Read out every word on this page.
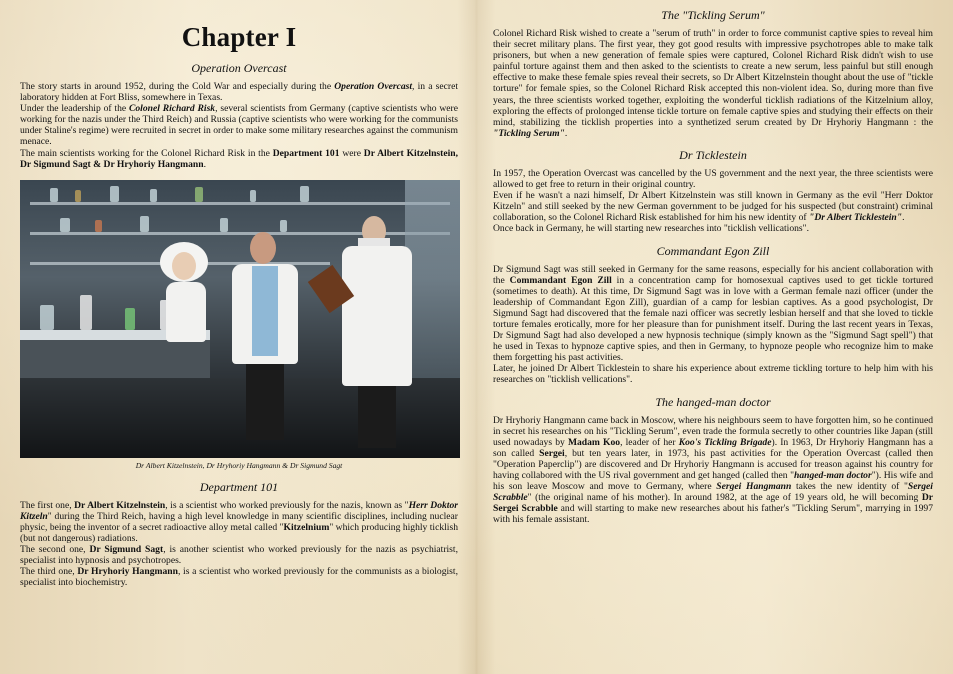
Chapter I
Operation Overcast

The story starts in around 1952, during the Cold War and especially during the Operation Overcast, in a secret laboratory hidden at Fort Bliss, somewhere in Texas.

Under the leadership of the Colonel Richard Risk, several scientists from Germany (captive scientists who were working for the nazis under the Third Reich) and Russia (captive scientists who were working for the communists under Staline's regime) were recruited in secret in order to make some military researches against the communism menace.

The main scientists working for the Colonel Richard Risk in the Department 101 were Dr Albert Kitzelnstein, Dr Sigmund Sagt & Dr Hryhoriy Hangmann.

Dr Albert Kitzelnstein, Dr Hryhoriy Hangmann & Dr Sigmund Sagt
Department 101

The first one, Dr Albert Kitzelnstein, is a scientist who worked previously for the nazis, known as "Herr Doktor Kitzeln" during the Third Reich, having a high level knowledge in many scientific disciplines, including nuclear physic, being the inventor of a secret radioactive alloy metal called "Kitzelnium" which producing highly ticklish (but not dangerous) radiations.

The second one, Dr Sigmund Sagt, is another scientist who worked previously for the nazis as psychiatrist, specialist into hypnosis and psychotropes.

The third one, Dr Hryhoriy Hangmann, is a scientist who worked previously for the communists as a biologist, specialist into biochemistry.

The "Tickling Serum"

Colonel Richard Risk wished to create a "serum of truth" in order to force communist captive spies to reveal him their secret military plans. The first year, they got good results with impressive psychotropes able to make talk prisoners, but when a new generation of female spies were captured, Colonel Richard Risk didn't wish to use painful torture against them and then asked to the scientists to create a new serum, less painful but still enough effective to make these female spies reveal their secrets, so Dr Albert Kitzelnstein thought about the use of "tickle torture" for female spies, so the Colonel Richard Risk accepted this non-violent idea. So, during more than five years, the three scientists worked together, exploiting the wonderful ticklish radiations of the Kitzelnium alloy, exploring the effects of prolonged intense tickle torture on female captive spies and studying their effects on their mind, stabilizing the ticklish properties into a synthetized serum created by Dr Hryhoriy Hangmann : the "Tickling Serum".

Dr Ticklestein

In 1957, the Operation Overcast was cancelled by the US government and the next year, the three scientists were allowed to get free to return in their original country.

Even if he wasn't a nazi himself, Dr Albert Kitzelnstein was still known in Germany as the evil "Herr Doktor Kitzeln" and still seeked by the new German government to be judged for his suspected (but constraint) criminal collaboration, so the Colonel Richard Risk established for him his new identity of "Dr Albert Ticklestein".

Once back in Germany, he will starting new researches into "ticklish vellications".

Commandant Egon Zill

Dr Sigmund Sagt was still seeked in Germany for the same reasons, especially for his ancient collaboration with the Commandant Egon Zill in a concentration camp for homosexual captives used to get tickle tortured (sometimes to death). At this time, Dr Sigmund Sagt was in love with a German female nazi officer (under the leadership of Commandant Egon Zill), guardian of a camp for lesbian captives. As a good psychologist, Dr Sigmund Sagt had discovered that the female nazi officer was secretly lesbian herself and that she loved to tickle torture females erotically, more for her pleasure than for punishment itself. During the last recent years in Texas, Dr Sigmund Sagt had also developed a new hypnosis technique (simply known as the "Sigmund Sagt spell") that he used in Texas to hypnoze captive spies, and then in Germany, to hypnoze people who recognize him to make them forgetting his past activities.

Later, he joined Dr Albert Ticklestein to share his experience about extreme tickling torture to help him with his researches on "ticklish vellications".

The hanged-man doctor

Dr Hryhoriy Hangmann came back in Moscow, where his neighbours seem to have forgotten him, so he continued in secret his researches on his "Tickling Serum", even trade the formula secretly to other countries like Japan (still used nowadays by Madam Koo, leader of her Koo's Tickling Brigade). In 1963, Dr Hryhoriy Hangmann has a son called Sergei, but ten years later, in 1973, his past activities for the Operation Overcast (called then "Operation Paperclip") are discovered and Dr Hryhoriy Hangmann is accused for treason against his country for having collabored with the US rival government and get hanged (called then "hanged-man doctor"). His wife and his son leave Moscow and move to Germany, where Sergei Hangmann takes the new identity of "Sergei Scrabble" (the original name of his mother). In around 1982, at the age of 19 years old, he will becoming Dr Sergei Scrabble and will starting to make new researches about his father's "Tickling Serum", marrying in 1997 with his female assistant.
